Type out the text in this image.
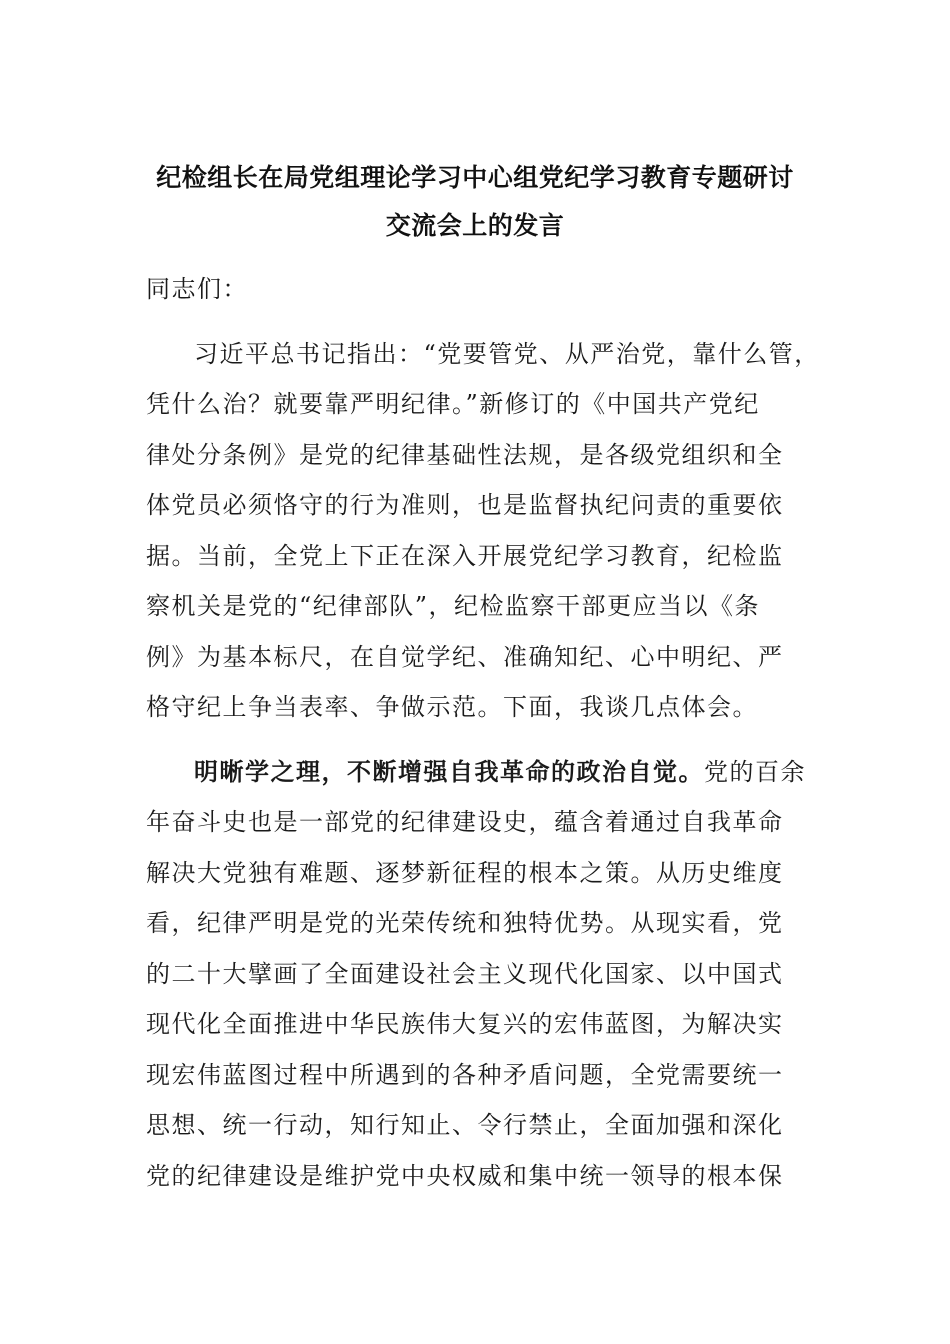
纪检组长在局党组理论学习中心组党纪学习教育专题研讨
交流会上的发言
同志们：
习近平总书记指出：“党要管党、从严治党，靠什么管，
凭什么治？就要靠严明纪律。”新修订的《中国共产党纪
律处分条例》是党的纪律基础性法规，是各级党组织和全
体党员必须恪守的行为准则，也是监督执纪问责的重要依
据。当前，全党上下正在深入开展党纪学习教育，纪检监
察机关是党的“纪律部队”，纪检监察干部更应当以《条
例》为基本标尺，在自觉学纪、准确知纪、心中明纪、严
格守纪上争当表率、争做示范。下面，我谈几点体会。
明晰学之理，不断增强自我革命的政治自觉。党的百余
年奋斗史也是一部党的纪律建设史，蕴含着通过自我革命
解决大党独有难题、逐梦新征程的根本之策。从历史维度
看，纪律严明是党的光荣传统和独特优势。从现实看，党
的二十大擘画了全面建设社会主义现代化国家、以中国式
现代化全面推进中华民族伟大复兴的宏伟蓝图，为解决实
现宏伟蓝图过程中所遇到的各种矛盾问题，全党需要统一
思想、统一行动，知行知止、令行禁止，全面加强和深化
党的纪律建设是维护党中央权威和集中统一领导的根本保
